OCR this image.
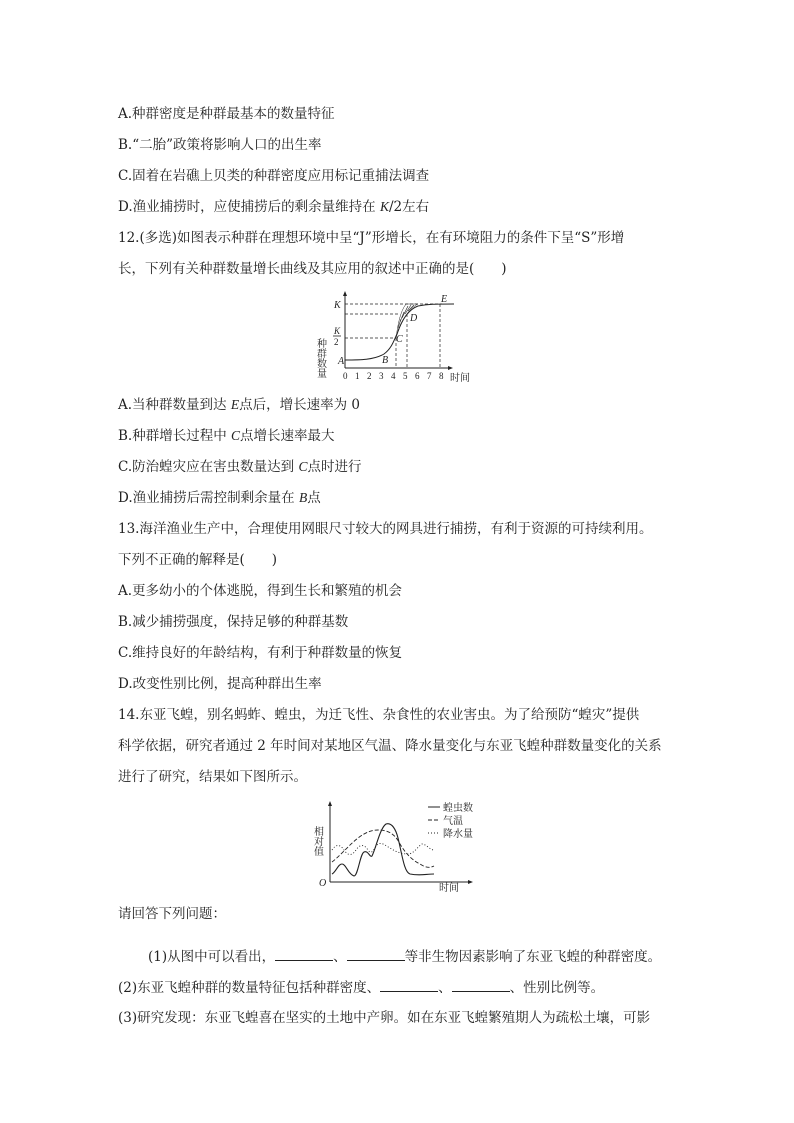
A.种群密度是种群最基本的数量特征
B.“二胎”政策将影响人口的出生率
C.固着在岩礁上贝类的种群密度应用标记重捕法调查
D.渔业捕捞时，应使捕捞后的剩余量维持在 K/2左右
12.(多选)如图表示种群在理想环境中呈“J”形增长，在有环境阻力的条件下呈“S”形增
长，下列有关种群数量增长曲线及其应用的叙述中正确的是(　　)
种群数量
K
K
2
A	B
C
D
E
0 1 2 3 4 5 6 7 8 时间
A.当种群数量到达 E点后，增长速率为 0
B.种群增长过程中 C点增长速率最大
C.防治蝗灾应在害虫数量达到 C点时进行
D.渔业捕捞后需控制剩余量在 B点
13.海洋渔业生产中，合理使用网眼尺寸较大的网具进行捕捞，有利于资源的可持续利用。
下列不正确的解释是(　　)
A.更多幼小的个体逃脱，得到生长和繁殖的机会
B.减少捕捞强度，保持足够的种群基数
C.维持良好的年龄结构，有利于种群数量的恢复
D.改变性别比例，提高种群出生率
14.东亚飞蝗，别名蚂蚱、蝗虫，为迁飞性、杂食性的农业害虫。为了给预防“蝗灾”提供
科学依据，研究者通过 2 年时间对某地区气温、降水量变化与东亚飞蝗种群数量变化的关系
进行了研究，结果如下图所示。
相对值
O	时间
蝗虫数
气温
降水量
请回答下列问题：
(1)从图中可以看出，	、	等非生物因素影响了东亚飞蝗的种群密度。
(2)东亚飞蝗种群的数量特征包括种群密度、	、	、性别比例等。
(3)研究发现：东亚飞蝗喜在坚实的土地中产卵。如在东亚飞蝗繁殖期人为疏松土壤，可影
